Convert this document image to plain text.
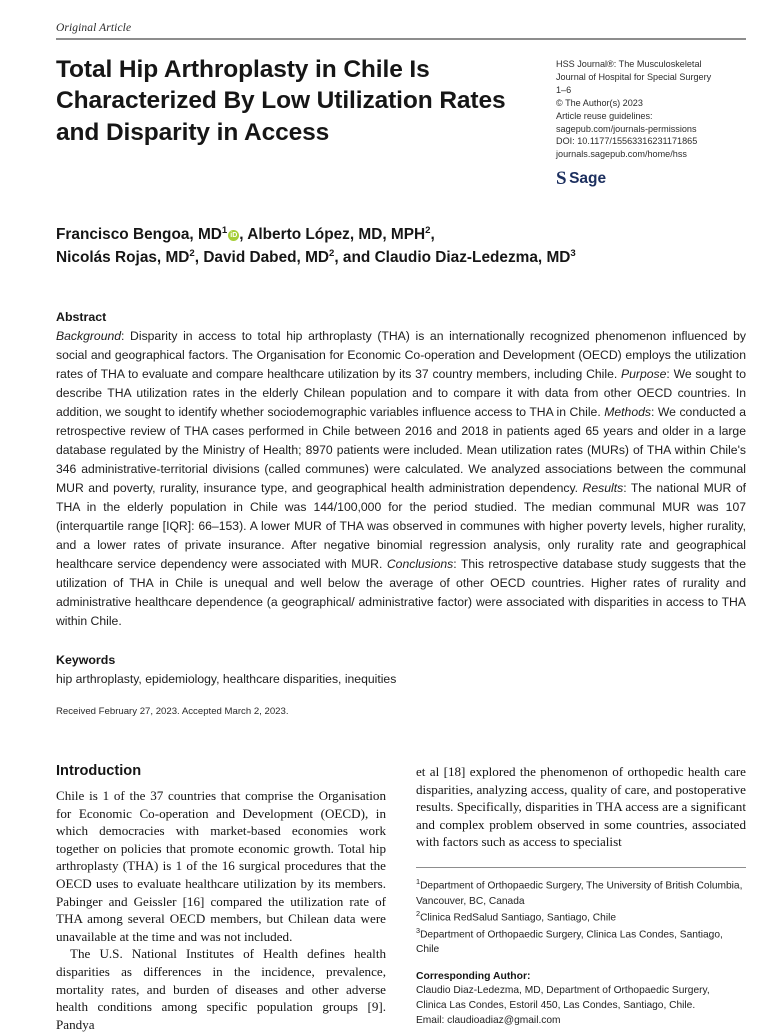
Original Article
Total Hip Arthroplasty in Chile Is Characterized By Low Utilization Rates and Disparity in Access
HSS Journal®: The Musculoskeletal
Journal of Hospital for Special Surgery
1–6
© The Author(s) 2023
Article reuse guidelines:
sagepub.com/journals-permissions
DOI: 10.1177/15563316231171865
journals.sagepub.com/home/hss
S Sage
Francisco Bengoa, $MD^1$ iD , Alberto López, MD, MPH$^2$,
Nicolás Rojas, $MD^2$, David Dabed, $MD^2$, and Claudio Diaz-Ledezma, $MD^3$
Abstract
Background: Disparity in access to total hip arthroplasty (THA) is an internationally recognized phenomenon influenced by social and geographical factors. The Organisation for Economic Co-operation and Development (OECD) employs the utilization rates of THA to evaluate and compare healthcare utilization by its 37 country members, including Chile. Purpose: We sought to describe THA utilization rates in the elderly Chilean population and to compare it with data from other OECD countries. In addition, we sought to identify whether sociodemographic variables influence access to THA in Chile. Methods: We conducted a retrospective review of THA cases performed in Chile between 2016 and 2018 in patients aged 65 years and older in a large database regulated by the Ministry of Health; 8970 patients were included. Mean utilization rates (MURs) of THA within Chile's 346 administrative-territorial divisions (called communes) were calculated. We analyzed associations between the communal MUR and poverty, rurality, insurance type, and geographical health administration dependency. Results: The national MUR of THA in the elderly population in Chile was 144/100,000 for the period studied. The median communal MUR was 107 (interquartile range [IQR]: 66–153). A lower MUR of THA was observed in communes with higher poverty levels, higher rurality, and a lower rates of private insurance. After negative binomial regression analysis, only rurality rate and geographical healthcare service dependency were associated with MUR. Conclusions: This retrospective database study suggests that the utilization of THA in Chile is unequal and well below the average of other OECD countries. Higher rates of rurality and administrative healthcare dependence (a geographical/ administrative factor) were associated with disparities in access to THA within Chile.
Keywords
hip arthroplasty, epidemiology, healthcare disparities, inequities
Received February 27, 2023. Accepted March 2, 2023.
Introduction

Chile is 1 of the 37 countries that comprise the Organisation for Economic Co-operation and Development (OECD), in which democracies with market-based economies work together on policies that promote economic growth. Total hip arthroplasty (THA) is 1 of the 16 surgical procedures that the OECD uses to evaluate healthcare utilization by its members. Pabinger and Geissler [16] compared the utilization rate of THA among several OECD members, but Chilean data were unavailable at the time and was not included.

The U.S. National Institutes of Health defines health disparities as differences in the incidence, prevalence, mortality rates, and burden of diseases and other adverse health conditions among specific population groups [9]. Pandya

et al [18] explored the phenomenon of orthopedic health care disparities, analyzing access, quality of care, and postoperative results. Specifically, disparities in THA access are a significant and complex problem observed in some countries, associated with factors such as access to specialist

$^1$Department of Orthopaedic Surgery, The University of British Columbia, Vancouver, BC, Canada
$^2$Clinica RedSalud Santiago, Santiago, Chile
$^3$Department of Orthopaedic Surgery, Clinica Las Condes, Santiago, Chile
Corresponding Author:
Claudio Diaz-Ledezma, MD, Department of Orthopaedic Surgery,
Clinica Las Condes, Estoril 450, Las Condes, Santiago, Chile.
Email: claudioadiaz@gmail.com
